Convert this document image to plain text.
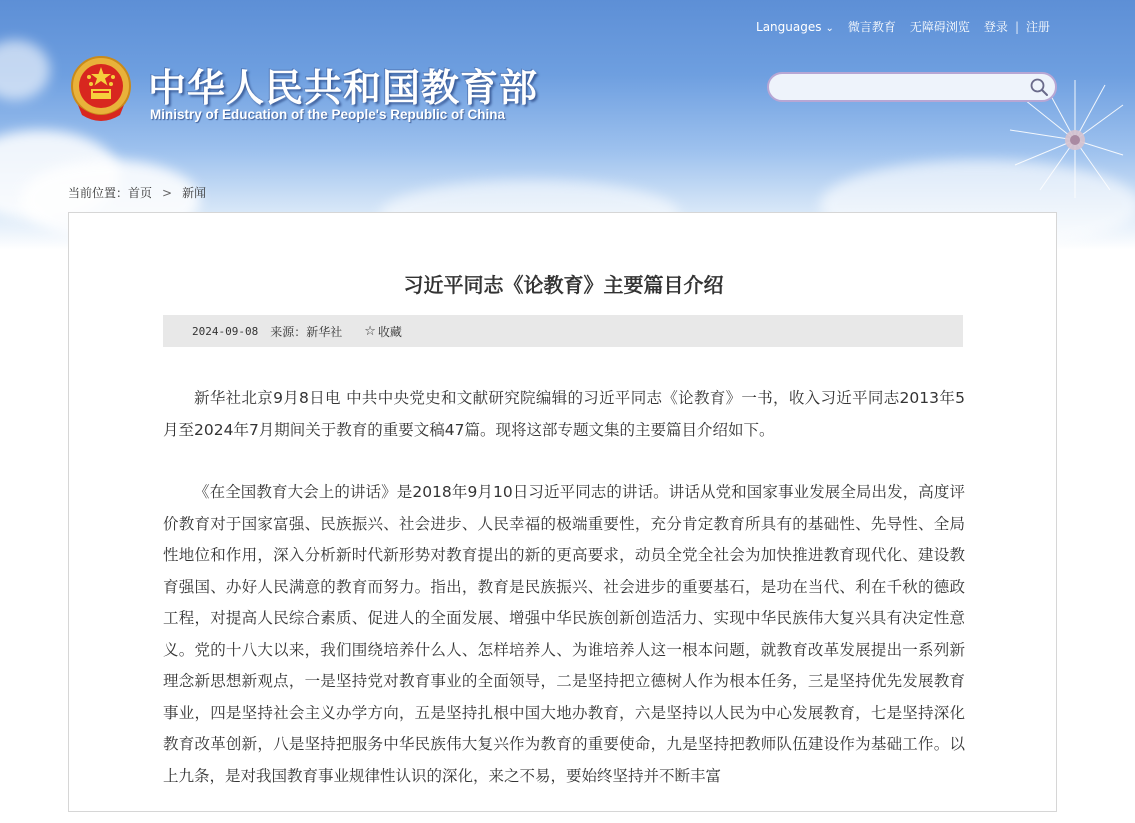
Languages ⌄	微言教育	无障碍浏览	登录 | 注册
中华人民共和国教育部
Ministry of Education of the People's Republic of China
当前位置：首页 > 新闻
习近平同志《论教育》主要篇目介绍
2024-09-08 来源：新华社 ☆ 收藏

新华社北京9月8日电 中共中央党史和文献研究院编辑的习近平同志《论教育》一书，收入习近平同志2013年5月至2024年7月期间关于教育的重要文稿47篇。现将这部专题文集的主要篇目介绍如下。

《在全国教育大会上的讲话》是2018年9月10日习近平同志的讲话。讲话从党和国家事业发展全局出发，高度评价教育对于国家富强、民族振兴、社会进步、人民幸福的极端重要性，充分肯定教育所具有的基础性、先导性、全局性地位和作用，深入分析新时代新形势对教育提出的新的更高要求，动员全党全社会为加快推进教育现代化、建设教育强国、办好人民满意的教育而努力。指出，教育是民族振兴、社会进步的重要基石，是功在当代、利在千秋的德政工程，对提高人民综合素质、促进人的全面发展、增强中华民族创新创造活力、实现中华民族伟大复兴具有决定性意义。党的十八大以来，我们围绕培养什么人、怎样培养人、为谁培养人这一根本问题，就教育改革发展提出一系列新理念新思想新观点，一是坚持党对教育事业的全面领导，二是坚持把立德树人作为根本任务，三是坚持优先发展教育事业，四是坚持社会主义办学方向，五是坚持扎根中国大地办教育，六是坚持以人民为中心发展教育，七是坚持深化教育改革创新，八是坚持把服务中华民族伟大复兴作为教育的重要使命，九是坚持把教师队伍建设作为基础工作。以上九条，是对我国教育事业规律性认识的深化，来之不易，要始终坚持并不断丰富
